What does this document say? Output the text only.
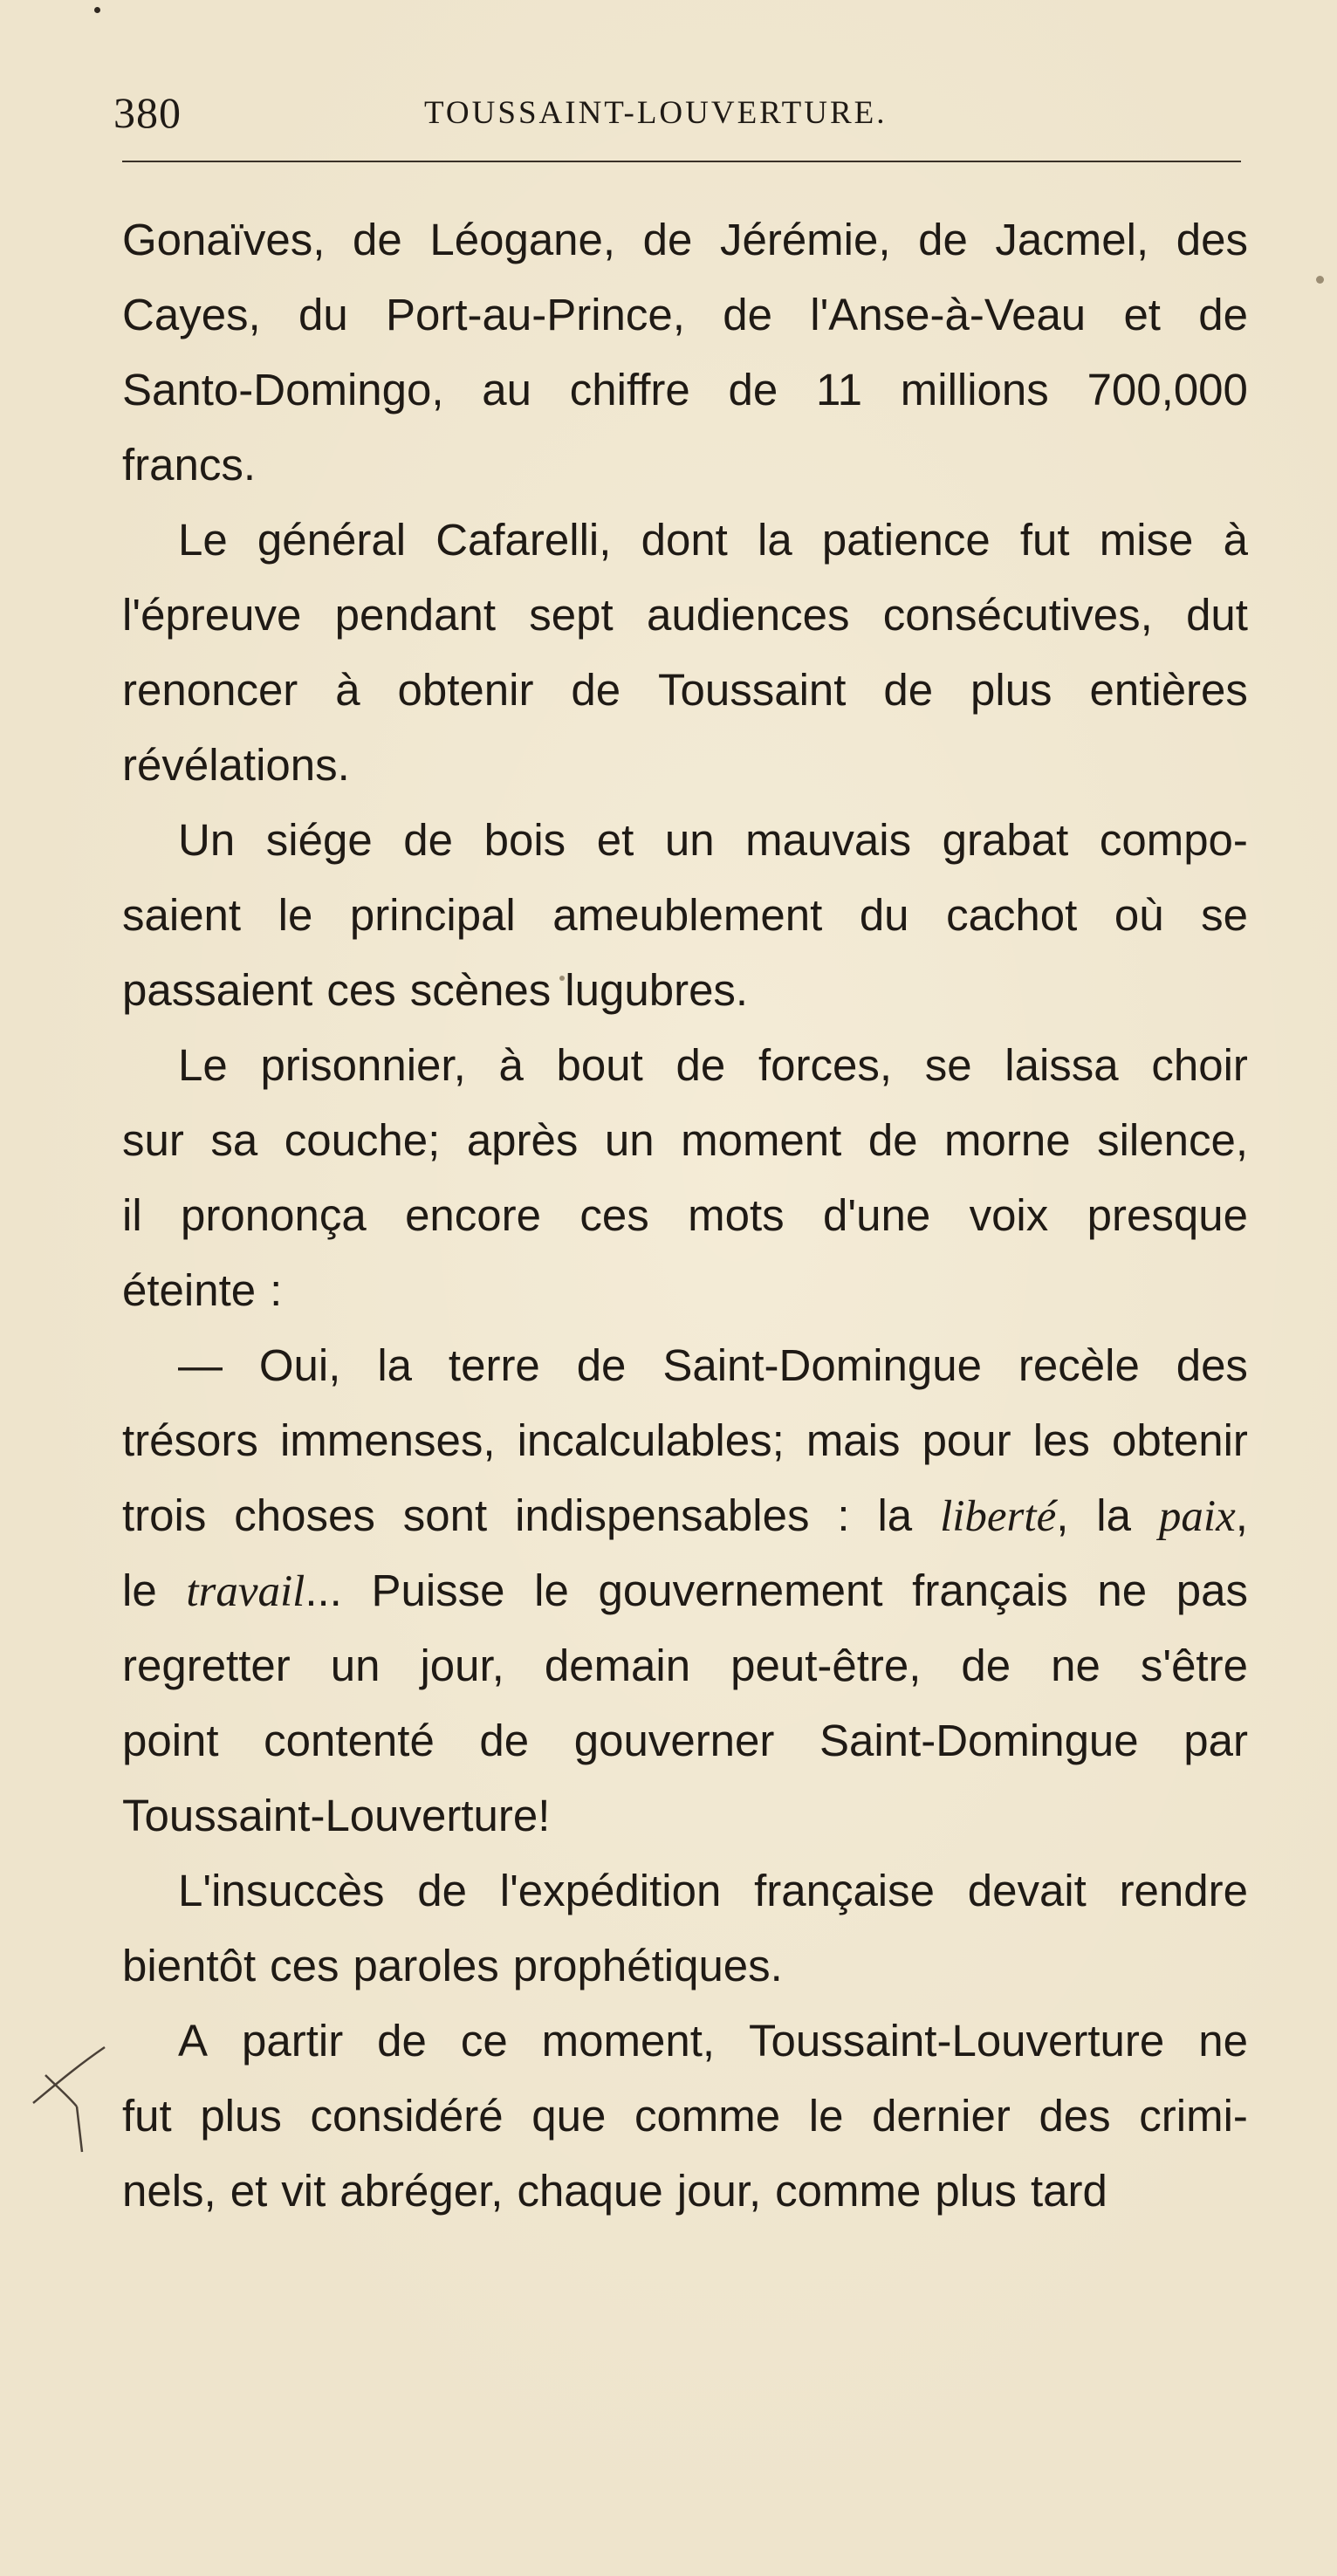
380	TOUSSAINT-LOUVERTURE.
Gonaïves, de Léogane, de Jérémie, de Jacmel, des
Cayes, du Port-au-Prince, de l'Anse-à-Veau et de
Santo-Domingo, au chiffre de 11 millions 700,000
francs.
Le général Cafarelli, dont la patience fut mise à
l'épreuve pendant sept audiences consécutives, dut
renoncer à obtenir de Toussaint de plus entières
révélations.
Un siége de bois et un mauvais grabat compo-
saient le principal ameublement du cachot où se
passaient ces scènes lugubres.
Le prisonnier, à bout de forces, se laissa choir
sur sa couche; après un moment de morne silence,
il prononça encore ces mots d'une voix presque
éteinte :
— Oui, la terre de Saint-Domingue recèle des
trésors immenses, incalculables; mais pour les obtenir
trois choses sont indispensables : la liberté, la paix,
le travail... Puisse le gouvernement français ne pas
regretter un jour, demain peut-être, de ne s'être
point contenté de gouverner Saint-Domingue par
Toussaint-Louverture!
L'insuccès de l'expédition française devait rendre
bientôt ces paroles prophétiques.
A partir de ce moment, Toussaint-Louverture ne
fut plus considéré que comme le dernier des crimi-
nels, et vit abréger, chaque jour, comme plus tard
